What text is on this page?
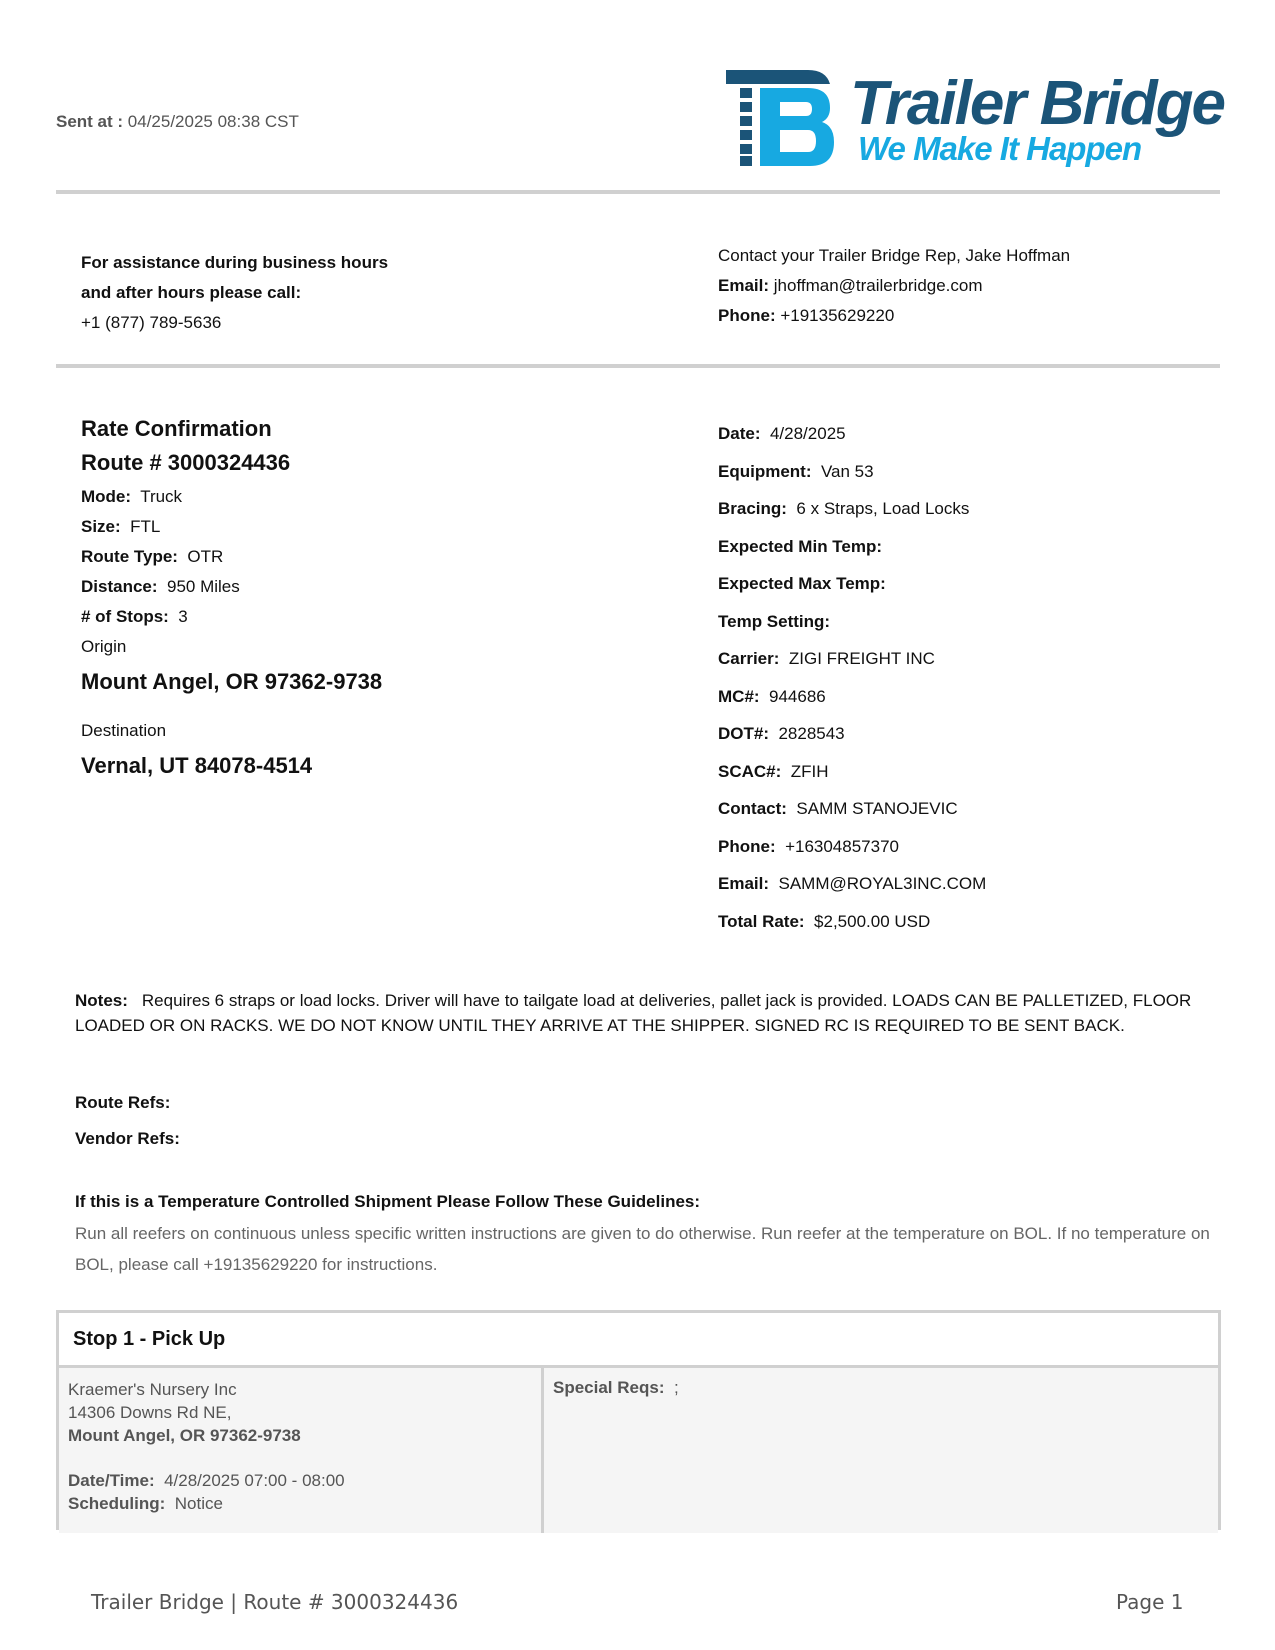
Sent at : 04/25/2025 08:38 CST	Trailer Bridge
We Make It Happen
For assistance during business hours
and after hours please call:
+1 (877) 789-5636
Contact your Trailer Bridge Rep, Jake Hoffman
Email: jhoffman@trailerbridge.com
Phone: +19135629220
Rate Confirmation
Route # 3000324436
Mode: Truck
Size: FTL
Route Type: OTR
Distance: 950 Miles
# of Stops: 3
Origin
Mount Angel, OR 97362-9738
Destination
Vernal, UT 84078-4514
Date: 4/28/2025
Equipment: Van 53
Bracing: 6 x Straps, Load Locks
Expected Min Temp:
Expected Max Temp:
Temp Setting:
Carrier: ZIGI FREIGHT INC
MC#: 944686
DOT#: 2828543
SCAC#: ZFIH
Contact: SAMM STANOJEVIC
Phone: +16304857370
Email: SAMM@ROYAL3INC.COM
Total Rate: $2,500.00 USD
Notes: Requires 6 straps or load locks. Driver will have to tailgate load at deliveries, pallet jack is provided. LOADS CAN BE PALLETIZED, FLOOR LOADED OR ON RACKS. WE DO NOT KNOW UNTIL THEY ARRIVE AT THE SHIPPER. SIGNED RC IS REQUIRED TO BE SENT BACK.
Route Refs:
Vendor Refs:
If this is a Temperature Controlled Shipment Please Follow These Guidelines:
Run all reefers on continuous unless specific written instructions are given to do otherwise. Run reefer at the temperature on BOL. If no temperature on BOL, please call +19135629220 for instructions.
Stop 1 - Pick Up
Kraemer's Nursery Inc
14306 Downs Rd NE,
Mount Angel, OR 97362-9738
Date/Time: 4/28/2025 07:00 - 08:00
Scheduling: Notice
Special Reqs: ;
Trailer Bridge | Route # 3000324436	Page 1
